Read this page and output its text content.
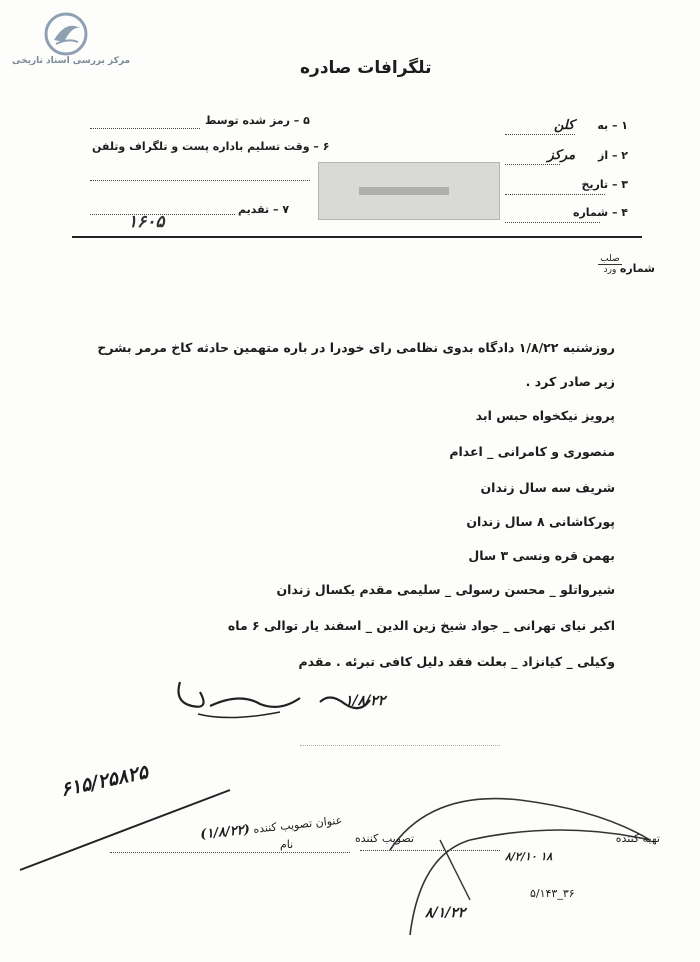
مرکز بررسی اسناد تاریخی	تلگرافات صادره
۱ – به      کلن
۲ – از      مرکز
۳ – تاریخ
۴ – شماره
۵ – رمز شده توسط
۶ – وقت تسلیم باداره پست و تلگراف وتلفن
۷ – تقدیم
۱۶۰۵
شماره
صلب
ورد
روزشنبه ۱/۸/۲۲ دادگاه بدوی نظامی رای خودرا در باره متهمین حادثه کاخ مرمر بشرح
زیر صادر کرد .
پرویز نیکخواه حبس ابد
منصوری و کامرانی _ اعدام
شریف سه سال زندان
پورکاشانی ۸ سال زندان
بهمن قره ونسی ۳ سال
شیرواتلو _ محسن رسولی _ سلیمی مقدم یکسال زندان
اکبر نیای تهرانی _ جواد شیخ زین الدین _ اسفند یار توالی ۶ ماه
وکیلی _ کیانزاد _ بعلت فقد دلیل کافی تبرئه . مقدم
۱/۸/۲۲
۶۱۵/۲۵۸۲۵
عنوان تصویب کننده (۱/۸/۲۲)
نام	تصویب کننده	تهیه کننده
۸/۲/۱۰ ۱۸
۸/۱/۲۲
۵/۱۴۳_۳۶
